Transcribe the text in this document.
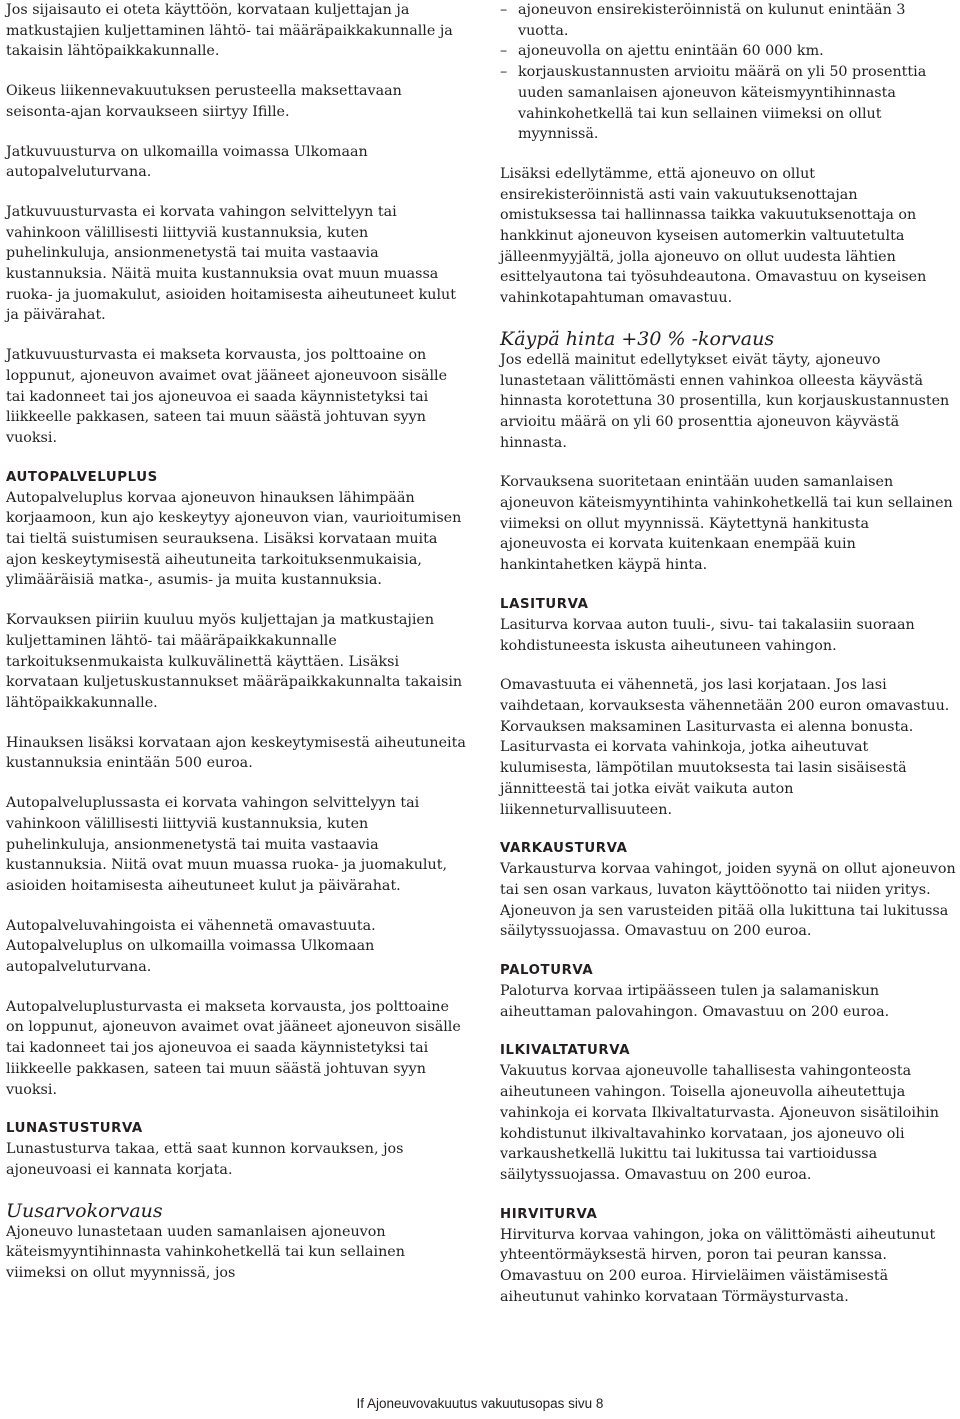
Jos sijaisauto ei oteta käyttöön, korvataan kuljettajan ja matkustajien kuljettaminen lähtö- tai määräpaikkakunnalle ja takaisin lähtöpaikkakunnalle.

Oikeus liikennevakuutuksen perusteella maksettavaan seisonta-ajan korvaukseen siirtyy Ifille.

Jatkuvuusturva on ulkomailla voimassa Ulkomaan autopalveluturvana.

Jatkuvuusturvasta ei korvata vahingon selvittelyyn tai vahinkoon välillisesti liittyviä kustannuksia, kuten puhelinkuluja, ansionmenetystä tai muita vastaavia kustannuksia. Näitä muita kustannuksia ovat muun muassa ruoka- ja juomakulut, asioiden hoitamisesta aiheutuneet kulut ja päivärahat.

Jatkuvuusturvasta ei makseta korvausta, jos polttoaine on loppunut, ajoneuvon avaimet ovat jääneet ajoneuvoon sisälle tai kadonneet tai jos ajoneuvoa ei saada käynnistetyksi tai liikkeelle pakkasen, sateen tai muun säästä johtuvan syyn vuoksi.

AUTOPALVELUPLUS

Autopalveluplus korvaa ajoneuvon hinauksen lähimpään korjaamoon, kun ajo keskeytyy ajoneuvon vian, vaurioitumisen tai tieltä suistumisen seurauksena. Lisäksi korvataan muita ajon keskeytymisestä aiheutuneita tarkoituksenmukaisia, ylimääräisiä matka-, asumis- ja muita kustannuksia.

Korvauksen piiriin kuuluu myös kuljettajan ja matkustajien kuljettaminen lähtö- tai määräpaikkakunnalle tarkoituksenmukaista kulkuvälinettä käyttäen. Lisäksi korvataan kuljetuskustannukset määräpaikkakunnalta takaisin lähtöpaikkakunnalle.

Hinauksen lisäksi korvataan ajon keskeytymisestä aiheutuneita kustannuksia enintään 500 euroa.

Autopalveluplussasta ei korvata vahingon selvittelyyn tai vahinkoon välillisesti liittyviä kustannuksia, kuten puhelinkuluja, ansionmenetystä tai muita vastaavia kustannuksia. Niitä ovat muun muassa ruoka- ja juomakulut, asioiden hoitamisesta aiheutuneet kulut ja päivärahat.

Autopalveluvahingoista ei vähennetä omavastuuta. Autopalveluplus on ulkomailla voimassa Ulkomaan autopalveluturvana.

Autopalveluplusturvasta ei makseta korvausta, jos polttoaine on loppunut, ajoneuvon avaimet ovat jääneet ajoneuvon sisälle tai kadonneet tai jos ajoneuvoa ei saada käynnistetyksi tai liikkeelle pakkasen, sateen tai muun säästä johtuvan syyn vuoksi.

LUNASTUSTURVA

Lunastusturva takaa, että saat kunnon korvauksen, jos ajoneuvoasi ei kannata korjata.

Uusarvokorvaus

Ajoneuvo lunastetaan uuden samanlaisen ajoneuvon käteismyyntihinnasta vahinkohetkellä tai kun sellainen viimeksi on ollut myynnissä, jos

– ajoneuvon ensirekisteröinnistä on kulunut enintään 3 vuotta.
– ajoneuvolla on ajettu enintään 60 000 km.
– korjauskustannusten arvioitu määrä on yli 50 prosenttia uuden samanlaisen ajoneuvon käteismyyntihinnasta vahinkohetkellä tai kun sellainen viimeksi on ollut myynnissä.

Lisäksi edellytämme, että ajoneuvo on ollut ensirekisteröinnistä asti vain vakuutuksenottajan omistuksessa tai hallinnassa taikka vakuutuksenottaja on hankkinut ajoneuvon kyseisen automerkin valtuutetulta jälleenmyyjältä, jolla ajoneuvo on ollut uudesta lähtien esittelyautona tai työsuhdeautona. Omavastuu on kyseisen vahinkotapahtuman omavastuu.

Käypä hinta +30 % -korvaus

Jos edellä mainitut edellytykset eivät täyty, ajoneuvo lunastetaan välittömästi ennen vahinkoa olleesta käyvästä hinnasta korotettuna 30 prosentilla, kun korjauskustannusten arvioitu määrä on yli 60 prosenttia ajoneuvon käyvästä hinnasta.

Korvauksena suoritetaan enintään uuden samanlaisen ajoneuvon käteismyyntihinta vahinkohetkellä tai kun sellainen viimeksi on ollut myynnissä. Käytettynä hankitusta ajoneuvosta ei korvata kuitenkaan enempää kuin hankintahetken käypä hinta.

LASITURVA

Lasiturva korvaa auton tuuli-, sivu- tai takalasiin suoraan kohdistuneesta iskusta aiheutuneen vahingon.

Omavastuuta ei vähennetä, jos lasi korjataan. Jos lasi vaihdetaan, korvauksesta vähennetään 200 euron omavastuu. Korvauksen maksaminen Lasiturvasta ei alenna bonusta. Lasiturvasta ei korvata vahinkoja, jotka aiheutuvat kulumisesta, lämpötilan muutoksesta tai lasin sisäisestä jännitteestä tai jotka eivät vaikuta auton liikenneturvallisuuteen.

VARKAUSTURVA

Varkausturva korvaa vahingot, joiden syynä on ollut ajoneuvon tai sen osan varkaus, luvaton käyttöönotto tai niiden yritys. Ajoneuvon ja sen varusteiden pitää olla lukittuna tai lukitussa säilytyssuojassa. Omavastuu on 200 euroa.

PALOTURVA

Paloturva korvaa irtipäässeen tulen ja salamaniskun aiheuttaman palovahingon. Omavastuu on 200 euroa.

ILKIVALTATURVA

Vakuutus korvaa ajoneuvolle tahallisesta vahingonteosta aiheutuneen vahingon. Toisella ajoneuvolla aiheutettuja vahinkoja ei korvata Ilkivaltaturvasta. Ajoneuvon sisätiloihin kohdistunut ilkivaltavahinko korvataan, jos ajoneuvo oli varkaushetkellä lukittu tai lukitussa tai vartioidussa säilytyssuojassa. Omavastuu on 200 euroa.

HIRVITURVA

Hirviturva korvaa vahingon, joka on välittömästi aiheutunut yhteentörmäyksestä hirven, poron tai peuran kanssa. Omavastuu on 200 euroa. Hirvieläimen väistämisestä aiheutunut vahinko korvataan Törmäysturvasta.

If Ajoneuvovakuutus vakuutusopas sivu 8
